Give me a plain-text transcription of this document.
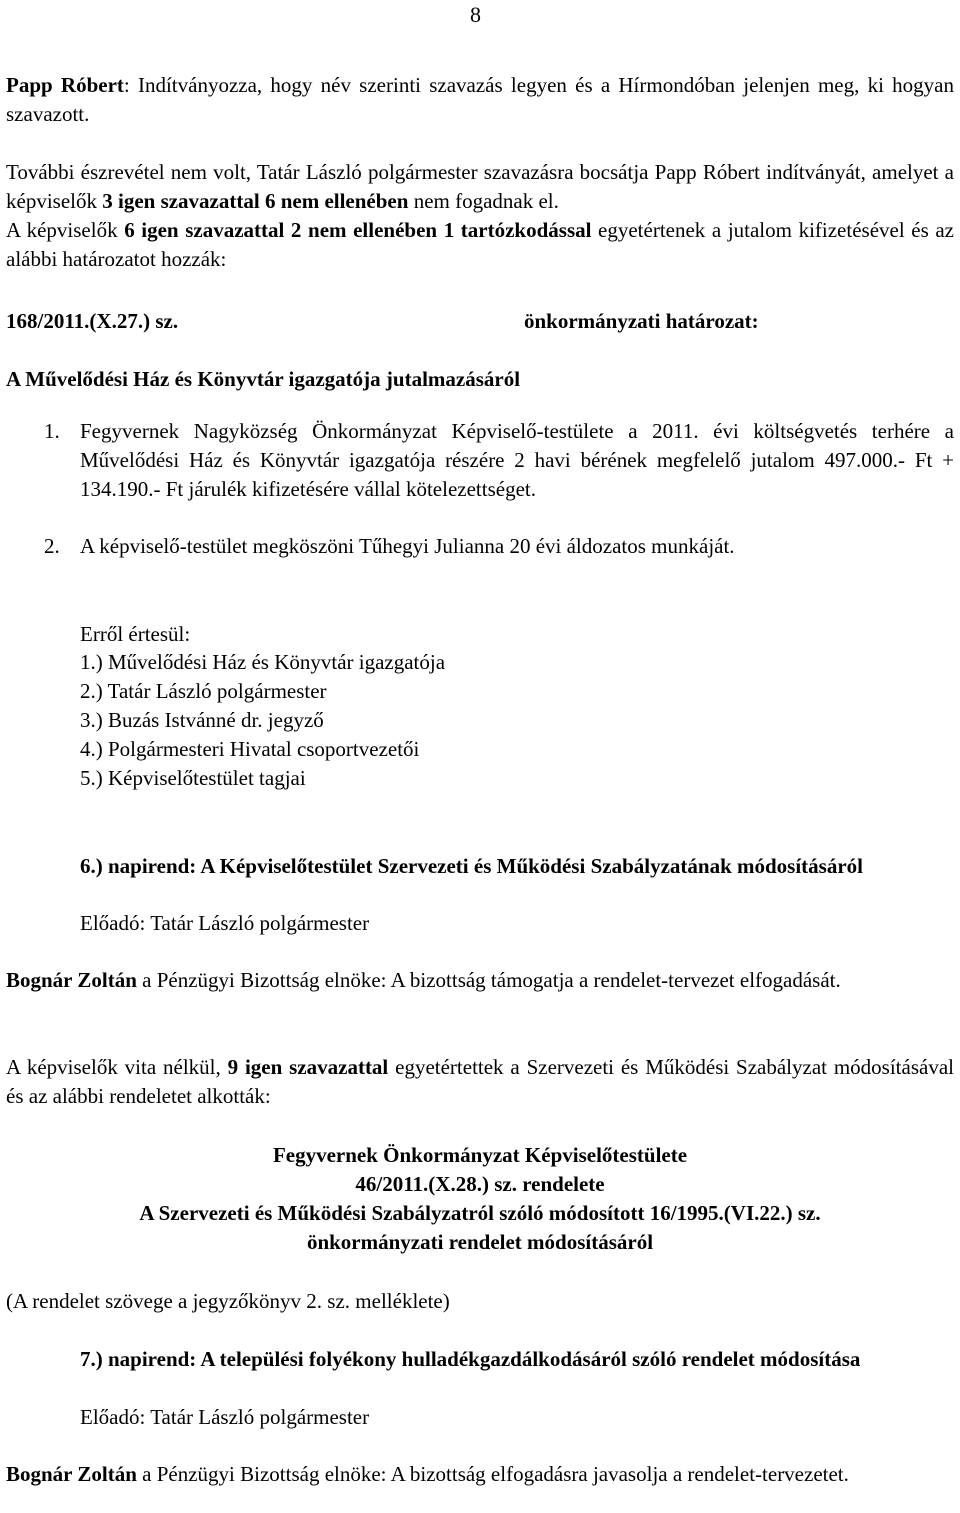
8
Papp Róbert: Indítványozza, hogy név szerinti szavazás legyen és a Hírmondóban jelenjen meg, ki hogyan szavazott.
További észrevétel nem volt, Tatár László polgármester szavazásra bocsátja Papp Róbert indítványát, amelyet a képviselők 3 igen szavazattal 6 nem ellenében nem fogadnak el.
A képviselők 6 igen szavazattal 2 nem ellenében 1 tartózkodással egyetértenek a jutalom kifizetésével és az alábbi határozatot hozzák:
168/2011.(X.27.) sz.	önkormányzati határozat:
A Művelődési Ház és Könyvtár igazgatója jutalmazásáról
1. Fegyvernek Nagyközség Önkormányzat Képviselő-testülete a 2011. évi költségvetés terhére a Művelődési Ház és Könyvtár igazgatója részére 2 havi bérének megfelelő jutalom 497.000.- Ft + 134.190.- Ft járulék kifizetésére vállal kötelezettséget.
2. A képviselő-testület megköszöni Tűhegyi Julianna 20 évi áldozatos munkáját.
Erről értesül:
1.) Művelődési Ház és Könyvtár igazgatója
2.) Tatár László polgármester
3.) Buzás Istvánné dr. jegyző
4.) Polgármesteri Hivatal csoportvezetői
5.) Képviselőtestület tagjai
6.) napirend: A Képviselőtestület Szervezeti és Működési Szabályzatának módosításáról
Előadó: Tatár László polgármester
Bognár Zoltán a Pénzügyi Bizottság elnöke: A bizottság támogatja a rendelet-tervezet elfogadását.
A képviselők vita nélkül, 9 igen szavazattal egyetértettek a Szervezeti és Működési Szabályzat módosításával és az alábbi rendeletet alkották:
Fegyvernek Önkormányzat Képviselőtestülete
46/2011.(X.28.) sz. rendelete
A Szervezeti és Működési Szabályzatról szóló módosított 16/1995.(VI.22.) sz.
önkormányzati rendelet módosításáról
(A rendelet szövege a jegyzőkönyv 2. sz. melléklete)
7.) napirend: A települési folyékony hulladékgazdálkodásáról szóló rendelet módosítása
Előadó: Tatár László polgármester
Bognár Zoltán a Pénzügyi Bizottság elnöke: A bizottság elfogadásra javasolja a rendelet-tervezetet.
